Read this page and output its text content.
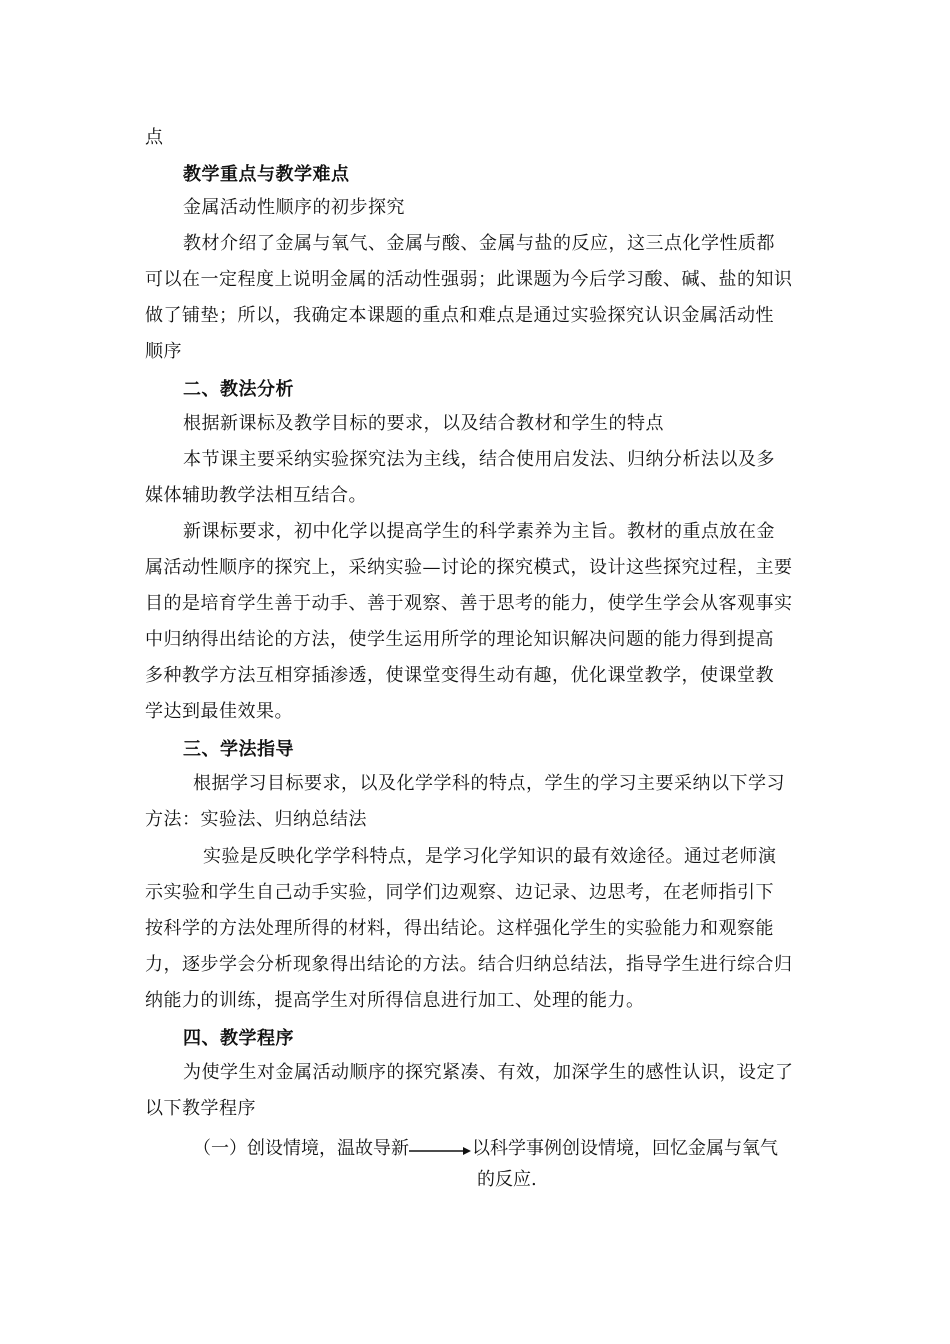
点
教学重点与教学难点
金属活动性顺序的初步探究
教材介绍了金属与氧气、金属与酸、金属与盐的反应，这三点化学性质都
可以在一定程度上说明金属的活动性强弱；此课题为今后学习酸、碱、盐的知识
做了铺垫；所以，我确定本课题的重点和难点是通过实验探究认识金属活动性
顺序
二、教法分析
根据新课标及教学目标的要求，以及结合教材和学生的特点
本节课主要采纳实验探究法为主线，结合使用启发法、归纳分析法以及多
媒体辅助教学法相互结合。
新课标要求，初中化学以提高学生的科学素养为主旨。教材的重点放在金
属活动性顺序的探究上，采纳实验—讨论的探究模式，设计这些探究过程，主要
目的是培育学生善于动手、善于观察、善于思考的能力，使学生学会从客观事实
中归纳得出结论的方法，使学生运用所学的理论知识解决问题的能力得到提高
多种教学方法互相穿插渗透，使课堂变得生动有趣，优化课堂教学，使课堂教
学达到最佳效果。
三、学法指导
根据学习目标要求，以及化学学科的特点，学生的学习主要采纳以下学习
方法：实验法、归纳总结法
实验是反映化学学科特点，是学习化学知识的最有效途径。通过老师演
示实验和学生自己动手实验，同学们边观察、边记录、边思考，在老师指引下
按科学的方法处理所得的材料，得出结论。这样强化学生的实验能力和观察能
力，逐步学会分析现象得出结论的方法。结合归纳总结法，指导学生进行综合归
纳能力的训练，提高学生对所得信息进行加工、处理的能力。
四、教学程序
为使学生对金属活动顺序的探究紧凑、有效，加深学生的感性认识，设定了
以下教学程序
（一）创设情境，温故导新	以科学事例创设情境，回忆金属与氧气
的反应.
